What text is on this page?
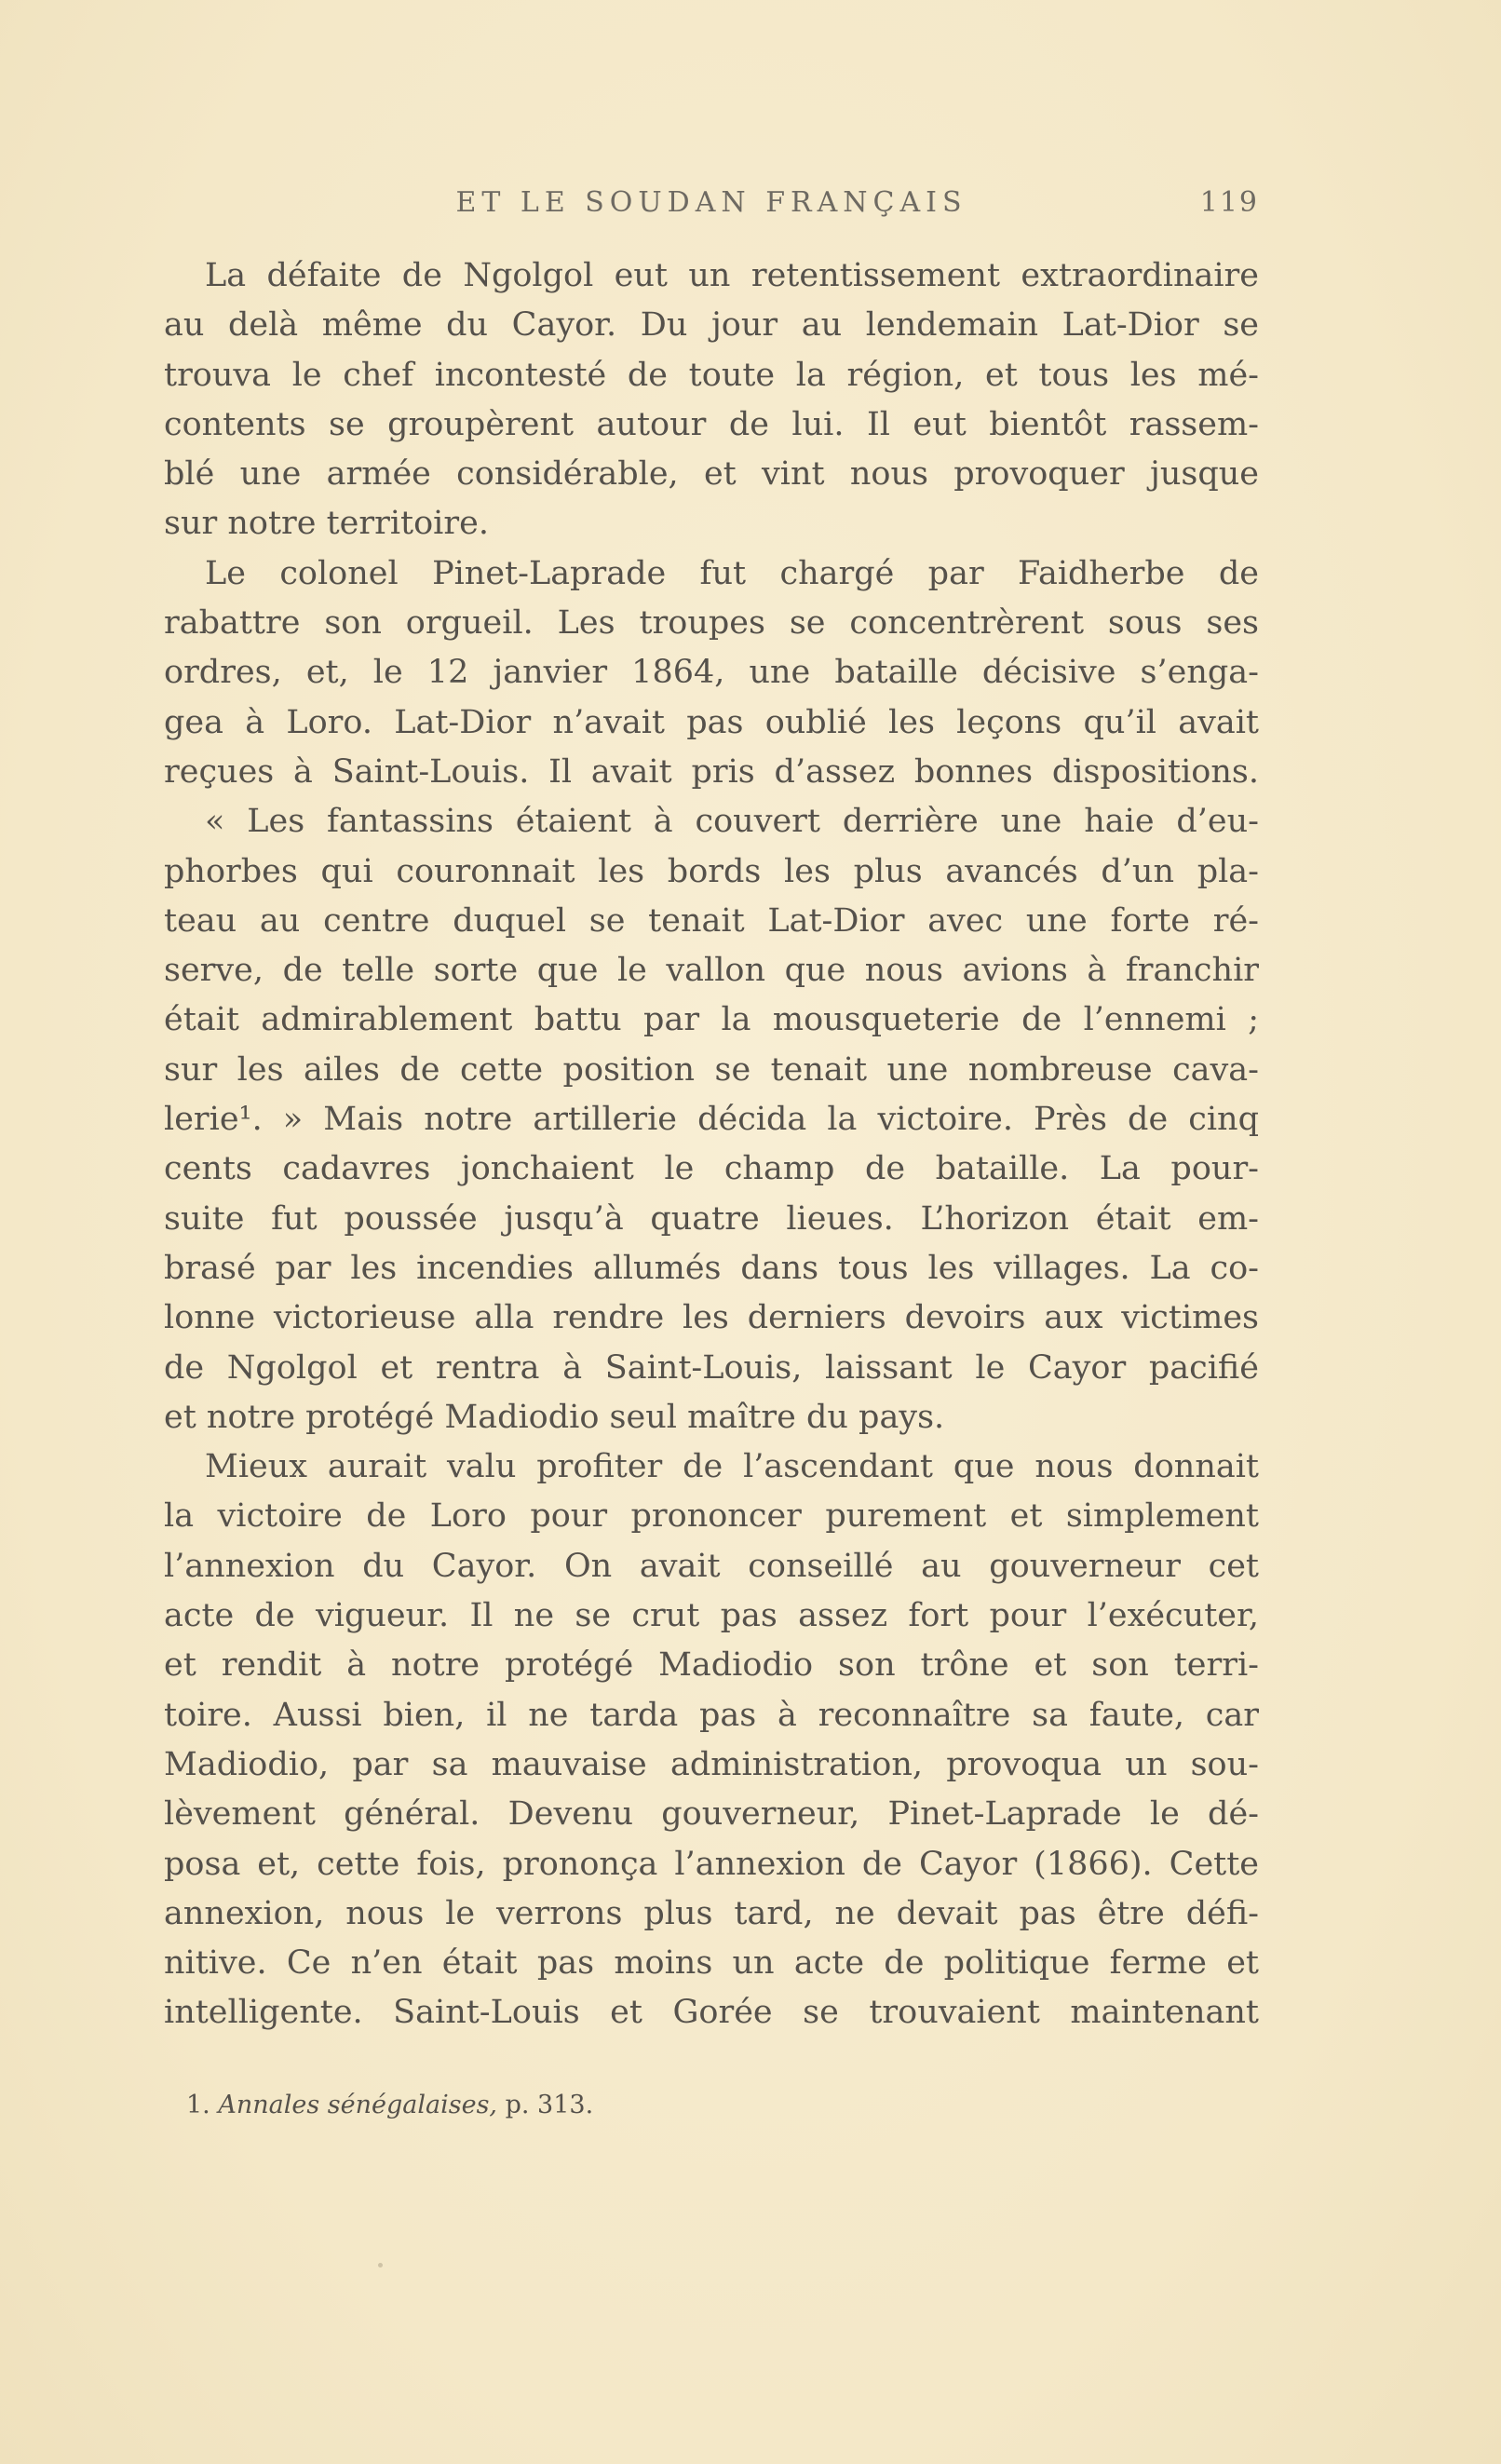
ET LE SOUDAN FRANÇAIS	119
La défaite de Ngolgol eut un retentissement extraordinaire
au delà même du Cayor. Du jour au lendemain Lat-Dior se
trouva le chef incontesté de toute la région, et tous les mé-
contents se groupèrent autour de lui. Il eut bientôt rassem-
blé une armée considérable, et vint nous provoquer jusque
sur notre territoire.
Le colonel Pinet-Laprade fut chargé par Faidherbe de
rabattre son orgueil. Les troupes se concentrèrent sous ses
ordres, et, le 12 janvier 1864, une bataille décisive s’enga-
gea à Loro. Lat-Dior n’avait pas oublié les leçons qu’il avait
reçues à Saint-Louis. Il avait pris d’assez bonnes dispositions.
« Les fantassins étaient à couvert derrière une haie d’eu-
phorbes qui couronnait les bords les plus avancés d’un pla-
teau au centre duquel se tenait Lat-Dior avec une forte ré-
serve, de telle sorte que le vallon que nous avions à franchir
était admirablement battu par la mousqueterie de l’ennemi ;
sur les ailes de cette position se tenait une nombreuse cava-
lerie¹. » Mais notre artillerie décida la victoire. Près de cinq
cents cadavres jonchaient le champ de bataille. La pour-
suite fut poussée jusqu’à quatre lieues. L’horizon était em-
brasé par les incendies allumés dans tous les villages. La co-
lonne victorieuse alla rendre les derniers devoirs aux victimes
de Ngolgol et rentra à Saint-Louis, laissant le Cayor pacifié
et notre protégé Madiodio seul maître du pays.
Mieux aurait valu profiter de l’ascendant que nous donnait
la victoire de Loro pour prononcer purement et simplement
l’annexion du Cayor. On avait conseillé au gouverneur cet
acte de vigueur. Il ne se crut pas assez fort pour l’exécuter,
et rendit à notre protégé Madiodio son trône et son terri-
toire. Aussi bien, il ne tarda pas à reconnaître sa faute, car
Madiodio, par sa mauvaise administration, provoqua un sou-
lèvement général. Devenu gouverneur, Pinet-Laprade le dé-
posa et, cette fois, prononça l’annexion de Cayor (1866). Cette
annexion, nous le verrons plus tard, ne devait pas être défi-
nitive. Ce n’en était pas moins un acte de politique ferme et
intelligente. Saint-Louis et Gorée se trouvaient maintenant
1. Annales sénégalaises, p. 313.
